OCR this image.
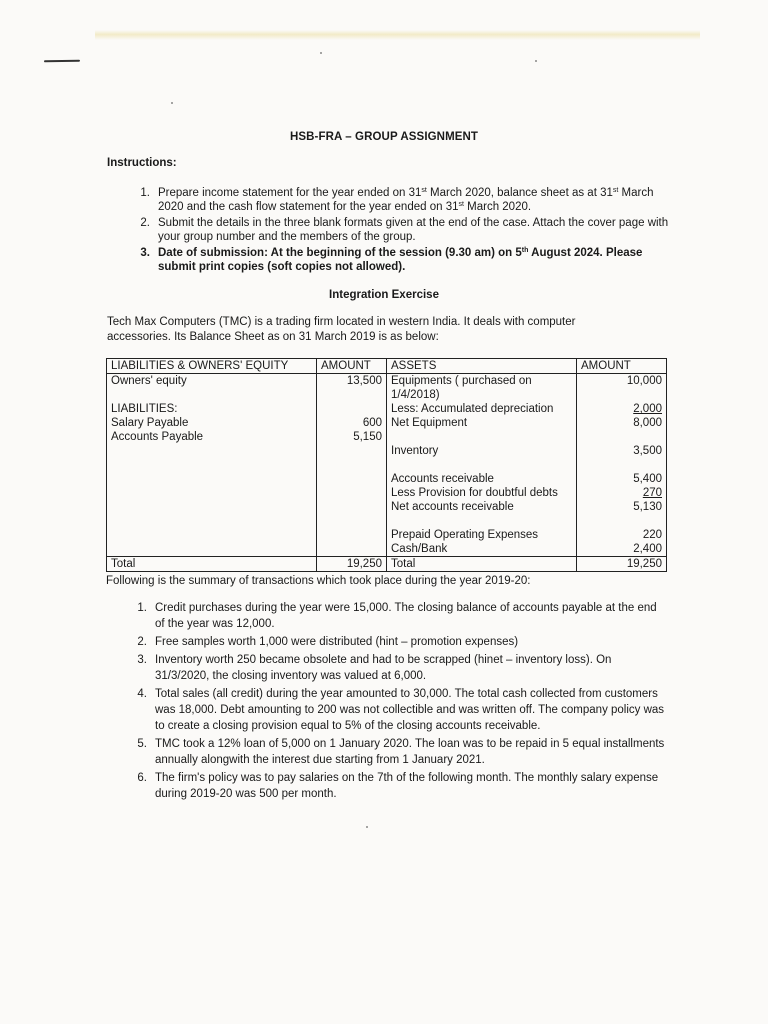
HSB-FRA – GROUP ASSIGNMENT
Instructions:
1. Prepare income statement for the year ended on 31st March 2020, balance sheet as at 31st March 2020 and the cash flow statement for the year ended on 31st March 2020.
2. Submit the details in the three blank formats given at the end of the case. Attach the cover page with your group number and the members of the group.
3. Date of submission: At the beginning of the session (9.30 am) on 5th August 2024. Please submit print copies (soft copies not allowed).
Integration Exercise
Tech Max Computers (TMC) is a trading firm located in western India. It deals with computer accessories. Its Balance Sheet as on 31 March 2019 is as below:
LIABILITIES & OWNERS' EQUITY	AMOUNT	ASSETS	AMOUNT
Owners' equity	13,500	Equipments ( purchased on 1/4/2018)	10,000
LIABILITIES:		Less: Accumulated depreciation	2,000
Salary Payable	600	Net Equipment	8,000
Accounts Payable	5,150		
		Inventory	3,500

		Accounts receivable	5,400
		Less Provision for doubtful debts	270
		Net accounts receivable	5,130

		Prepaid Operating Expenses	220
		Cash/Bank	2,400
Total	19,250	Total	19,250
Following is the summary of transactions which took place during the year 2019-20:
1. Credit purchases during the year were 15,000. The closing balance of accounts payable at the end of the year was 12,000.
2. Free samples worth 1,000 were distributed (hint – promotion expenses)
3. Inventory worth 250 became obsolete and had to be scrapped (hinet – inventory loss). On 31/3/2020, the closing inventory was valued at 6,000.
4. Total sales (all credit) during the year amounted to 30,000. The total cash collected from customers was 18,000. Debt amounting to 200 was not collectible and was written off. The company policy was to create a closing provision equal to 5% of the closing accounts receivable.
5. TMC took a 12% loan of 5,000 on 1 January 2020. The loan was to be repaid in 5 equal installments annually alongwith the interest due starting from 1 January 2021.
6. The firm's policy was to pay salaries on the 7th of the following month. The monthly salary expense during 2019-20 was 500 per month.
